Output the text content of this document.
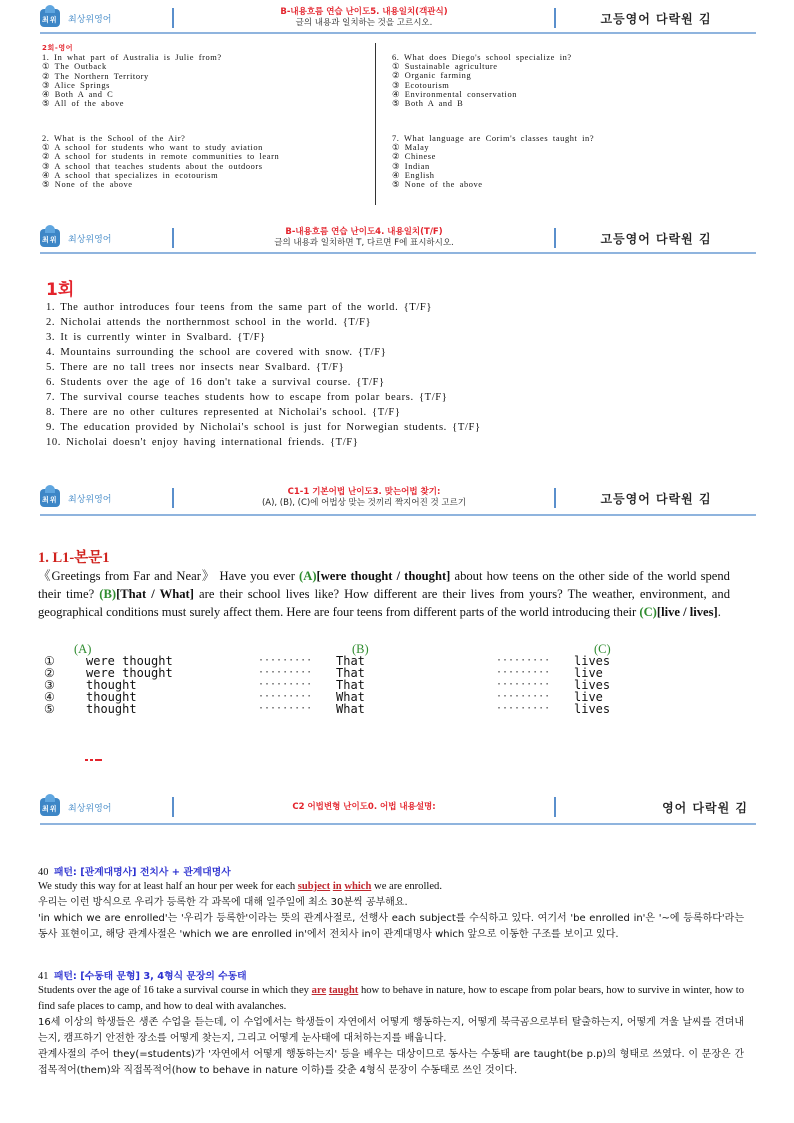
최위 최상위영어
B-내용흐름 연습 난이도5. 내용일치(객관식)
글의 내용과 일치하는 것을 고르시오.	고등영어 다락원 김
2회-영어
1. In what part of Australia is Julie from?
① The Outback
② The Northern Territory
③ Alice Springs
④ Both A and C
⑤ All of the above
2. What is the School of the Air?
① A school for students who want to study aviation
② A school for students in remote communities to learn
③ A school that teaches students about the outdoors
④ A school that specializes in ecotourism
⑤ None of the above
6. What does Diego's school specialize in?
① Sustainable agriculture
② Organic farming
③ Ecotourism
④ Environmental conservation
⑤ Both A and B
7. What language are Corim's classes taught in?
① Malay
② Chinese
③ Indian
④ English
⑤ None of the above
최위 최상위영어
B-내용흐름 연습 난이도4. 내용일치(T/F)
글의 내용과 일치하면 T, 다르면 F에 표시하시오.	고등영어 다락원 김
1회
1. The author introduces four teens from the same part of the world. {T/F}
2. Nicholai attends the northernmost school in the world. {T/F}
3. It is currently winter in Svalbard. {T/F}
4. Mountains surrounding the school are covered with snow. {T/F}
5. There are no tall trees nor insects near Svalbard. {T/F}
6. Students over the age of 16 don't take a survival course. {T/F}
7. The survival course teaches students how to escape from polar bears. {T/F}
8. There are no other cultures represented at Nicholai's school. {T/F}
9. The education provided by Nicholai's school is just for Norwegian students. {T/F}
10. Nicholai doesn't enjoy having international friends. {T/F}
최위 최상위영어
C1-1 기본어법 난이도3. 맞는어법 찾기:
(A), (B), (C)에 어법상 맞는 것끼리 짝지어진 것 고르기	고등영어 다락원 김
1. L1-본문1
《Greetings from Far and Near》 Have you ever (A)[were thought / thought] about how teens on the other side of the world spend their time? (B)[That / What] are their school lives like? How different are their lives from yours? The weather, environment, and geographical conditions must surely affect them. Here are four teens from different parts of the world introducing their (C)[live / lives].
(A)	(B)	(C)
①	were thought	········· That	········· lives
②	were thought	········· That	········· live
③	thought	········· That	········· lives
④	thought	········· What	········· live
⑤	thought	········· What	········· lives
최위 최상위영어	C2 어법변형 난이도0. 어법 내용설명:	영어 다락원 김
40 패턴: [관계대명사] 전치사 + 관계대명사
We study this way for at least half an hour per week for each subject in which we are enrolled.
우리는 이런 방식으로 우리가 등록한 각 과목에 대해 일주일에 최소 30분씩 공부해요.
'in which we are enrolled'는 '우리가 등록한'이라는 뜻의 관계사절로, 선행사 each subject를 수식하고 있다. 여기서 'be enrolled in'은 '~에 등록하다'라는 동사 표현이고, 해당 관계사절은 'which we are enrolled in'에서 전치사 in이 관계대명사 which 앞으로 이동한 구조를 보이고 있다.
41 패턴: [수동태 문형] 3, 4형식 문장의 수동태
Students over the age of 16 take a survival course in which they are taught how to behave in nature, how to escape from polar bears, how to survive in winter, how to find safe places to camp, and how to deal with avalanches.
16세 이상의 학생들은 생존 수업을 듣는데, 이 수업에서는 학생들이 자연에서 어떻게 행동하는지, 어떻게 북극곰으로부터 탈출하는지, 어떻게 겨울 날씨를 견뎌내는지, 캠프하기 안전한 장소를 어떻게 찾는지, 그리고 어떻게 눈사태에 대처하는지를 배웁니다.
관계사절의 주어 they(=students)가 '자연에서 어떻게 행동하는지' 등을 배우는 대상이므로 동사는 수동태 are taught(be p.p)의 형태로 쓰였다. 이 문장은 간접목적어(them)와 직접목적어(how to behave in nature 이하)를 갖춘 4형식 문장이 수동태로 쓰인 것이다.
